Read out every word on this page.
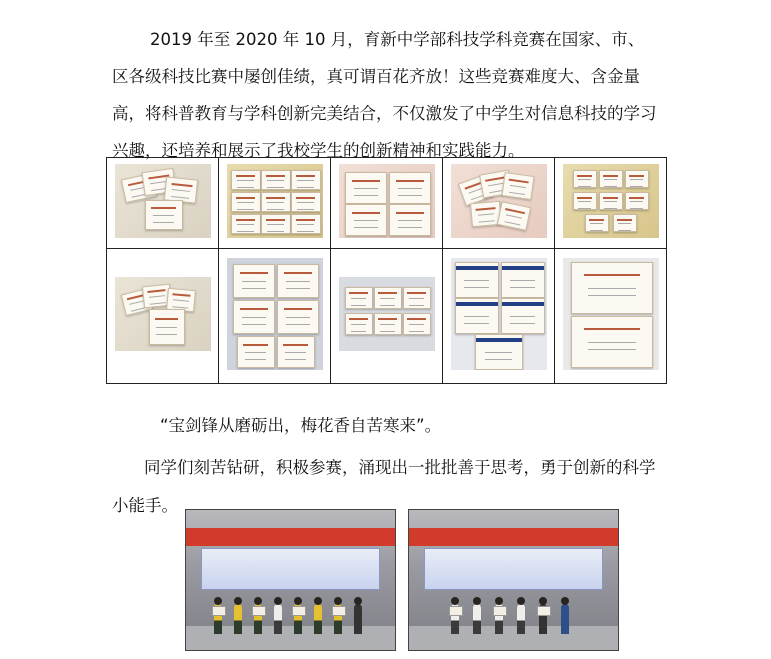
2019 年至 2020 年 10 月，育新中学部科技学科竞赛在国家、市、区各级科技比赛中屡创佳绩，真可谓百花齐放！这些竞赛难度大、含金量高，将科普教育与学科创新完美结合，不仅激发了中学生对信息科技的学习兴趣，还培养和展示了我校学生的创新精神和实践能力。

“宝剑锋从磨砺出，梅花香自苦寒来”。

同学们刻苦钻研，积极参赛，涌现出一批批善于思考，勇于创新的科学小能手。
